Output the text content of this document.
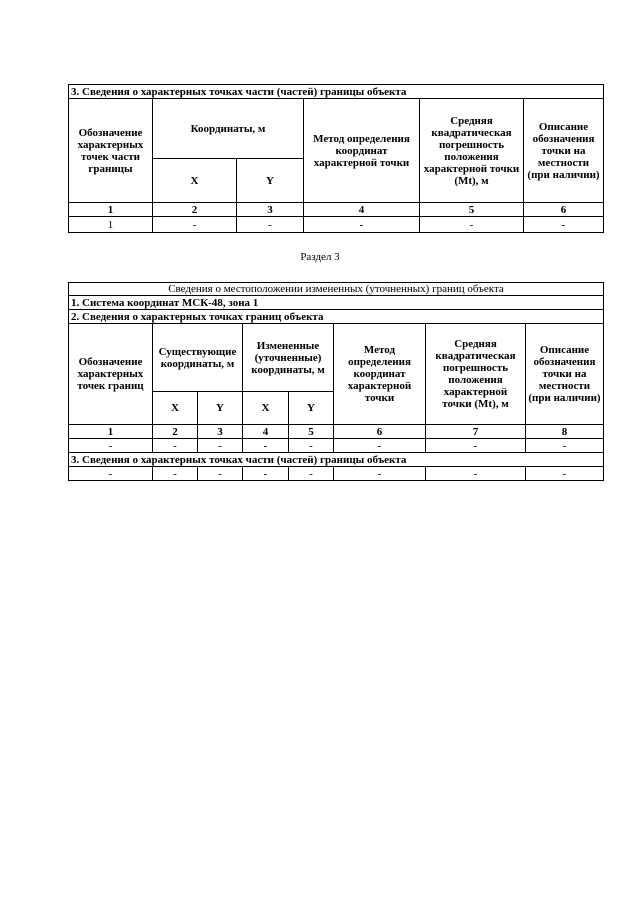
3. Сведения о характерных точках части (частей) границы объекта					
Обозначение характерных точек части границы	Координаты, м		Метод определения координат характерной точки	Средняя квадратическая погрешность положения характерной точки (Mt), м	Описание обозначения точки на местности (при наличии)
	X	Y			
1	2	3	4	5	6
1	-	-	-	-	-
Раздел 3
Сведения о местоположении измененных (уточненных) границ объекта							
1. Система координат МСК-48, зона 1							
2. Сведения о характерных точках границ объекта							
Обозначение характерных точек границ	Существующие координаты, м		Измененные (уточненные) координаты, м		Метод определения координат характерной точки	Средняя квадратическая погрешность положения характерной точки (Mt), м	Описание обозначения точки на местности (при наличии)
	X	Y	X	Y			
1	2	3	4	5	6	7	8
-	-	-	-	-	-	-	-
3. Сведения о характерных точках части (частей) границы объекта							
-	-	-	-	-	-	-	-
